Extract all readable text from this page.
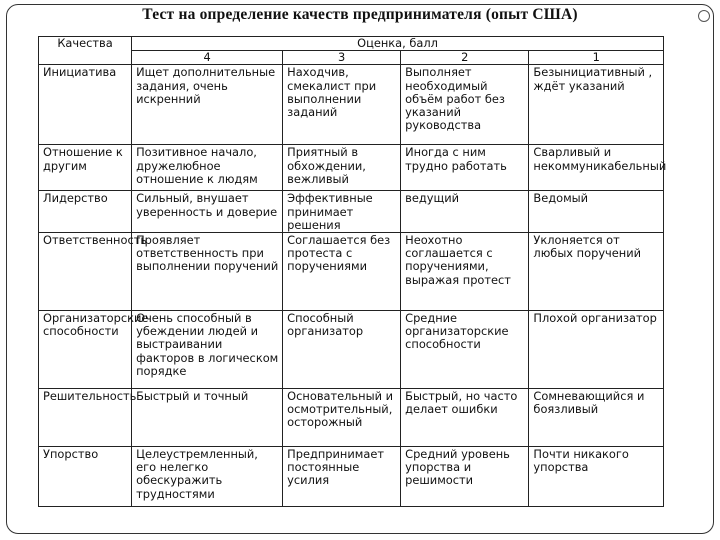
Тест на определение качеств предпринимателя (опыт США)
Качества	Оценка, балл			
	4	3	2	1
Инициатива	Ищет дополнительные задания, очень искренний	Находчив, смекалист при выполнении заданий	Выполняет необходимый объём работ без указаний руководства	Безынициативный , ждёт указаний
Отношение к другим	Позитивное начало, дружелюбное отношение к людям	Приятный в обхождении, вежливый	Иногда с ним трудно работать	Сварливый и некоммуникабельный
Лидерство	Сильный, внушает уверенность и доверие	Эффективные принимает решения	ведущий	Ведомый
Ответственность	Проявляет ответственность при выполнении поручений	Соглашается без протеста с поручениями	Неохотно соглашается с поручениями, выражая протест	Уклоняется от любых поручений
Организаторские способности	Очень способный в убеждении людей и выстраивании факторов в логическом порядке	Способный организатор	Средние организаторские способности	Плохой организатор
Решительность	Быстрый и точный	Основательный и осмотрительный, осторожный	Быстрый, но часто делает ошибки	Сомневающийся и боязливый
Упорство	Целеустремленный, его нелегко обескуражить трудностями	Предпринимает постоянные усилия	Средний уровень упорства и решимости	Почти никакого упорства
